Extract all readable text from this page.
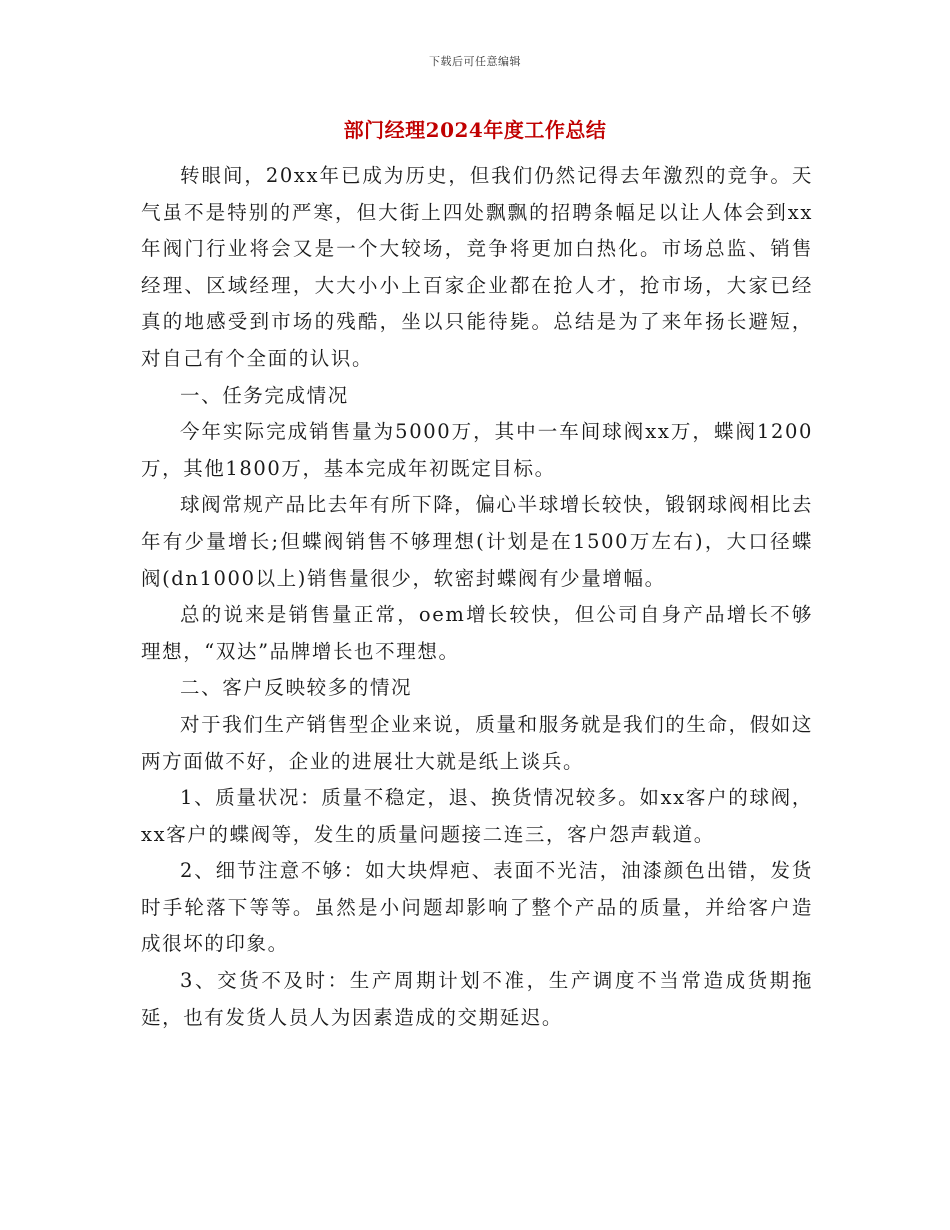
下载后可任意编辑
部门经理2024年度工作总结

转眼间，20xx年已成为历史，但我们仍然记得去年激烈的竞争。天气虽不是特别的严寒，但大街上四处飘飘的招聘条幅足以让人体会到xx年阀门行业将会又是一个大较场，竞争将更加白热化。市场总监、销售经理、区域经理，大大小小上百家企业都在抢人才，抢市场，大家已经真的地感受到市场的残酷，坐以只能待毙。总结是为了来年扬长避短，对自己有个全面的认识。

一、任务完成情况

今年实际完成销售量为5000万，其中一车间球阀xx万，蝶阀1200万，其他1800万，基本完成年初既定目标。

球阀常规产品比去年有所下降，偏心半球增长较快，锻钢球阀相比去年有少量增长;但蝶阀销售不够理想(计划是在1500万左右)，大口径蝶阀(dn1000以上)销售量很少，软密封蝶阀有少量增幅。

总的说来是销售量正常，oem增长较快，但公司自身产品增长不够理想，“双达”品牌增长也不理想。

二、客户反映较多的情况

对于我们生产销售型企业来说，质量和服务就是我们的生命，假如这两方面做不好，企业的进展壮大就是纸上谈兵。

1、质量状况：质量不稳定，退、换货情况较多。如xx客户的球阀，xx客户的蝶阀等，发生的质量问题接二连三，客户怨声载道。

2、细节注意不够：如大块焊疤、表面不光洁，油漆颜色出错，发货时手轮落下等等。虽然是小问题却影响了整个产品的质量，并给客户造成很坏的印象。

3、交货不及时：生产周期计划不准，生产调度不当常造成货期拖延，也有发货人员人为因素造成的交期延迟。
